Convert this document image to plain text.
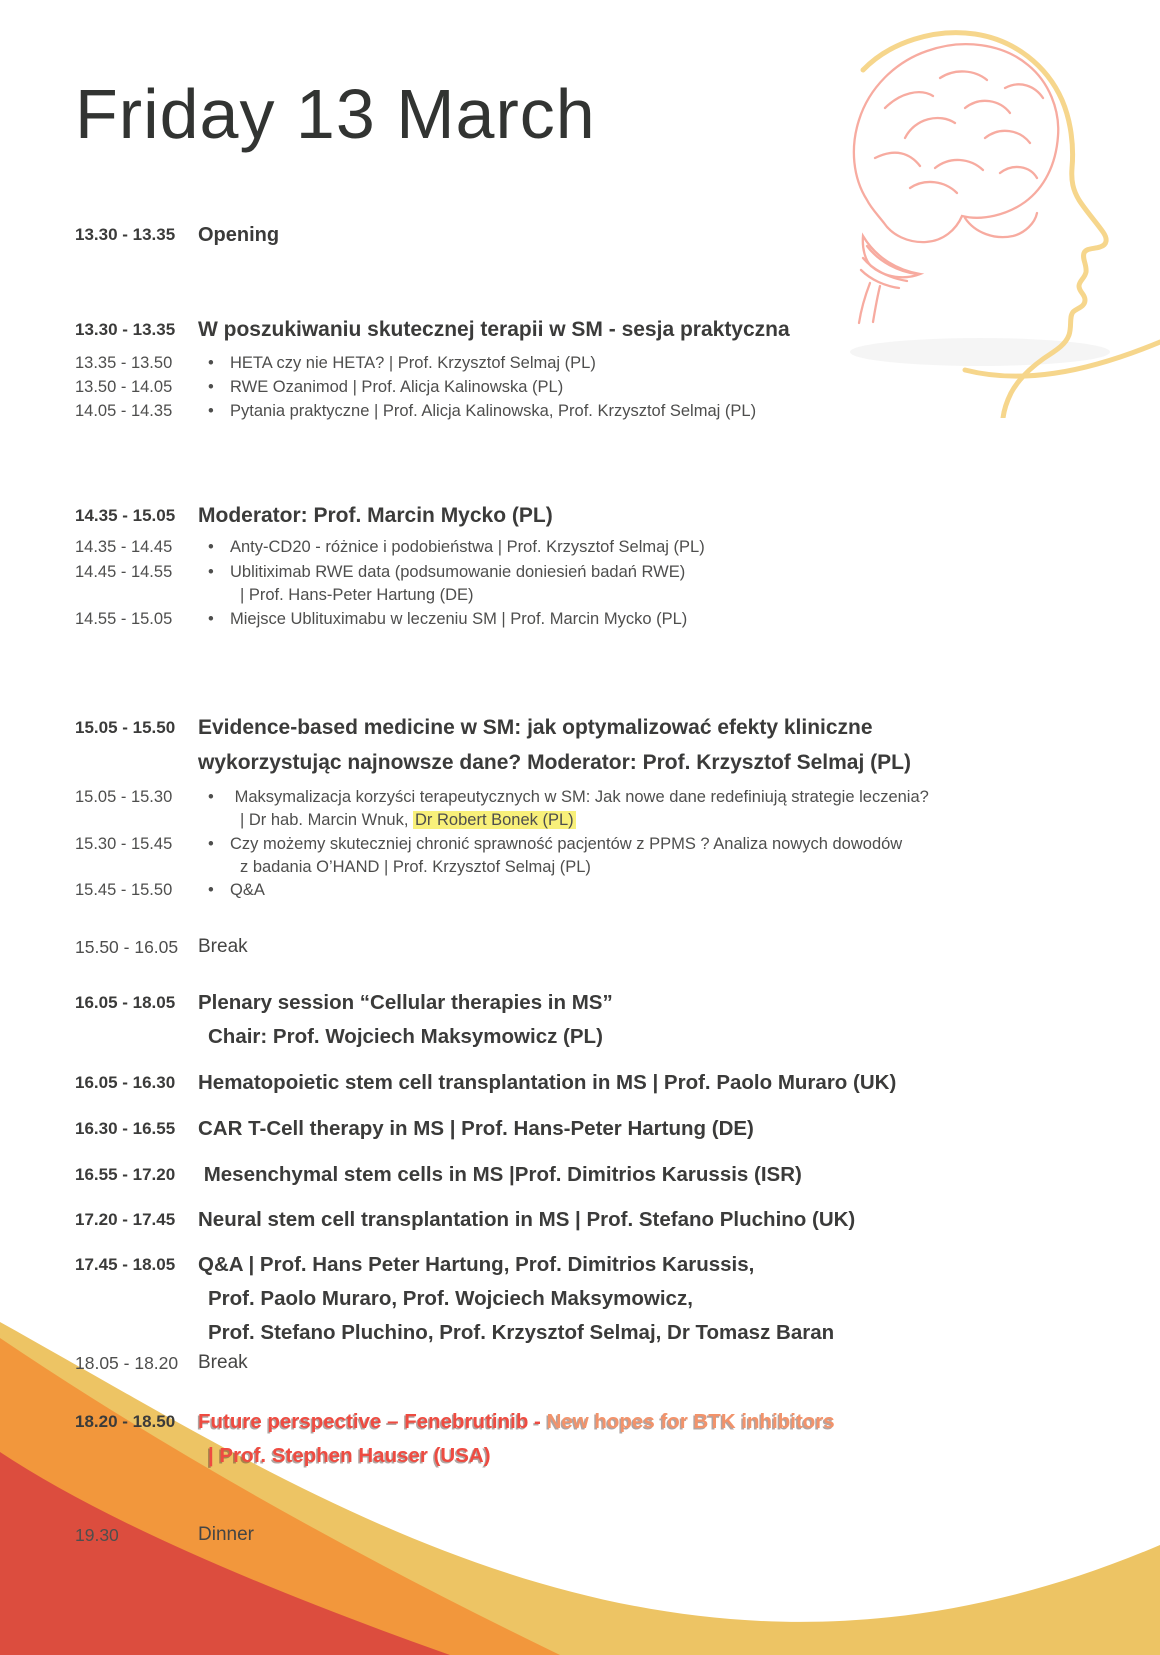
Friday 13 March
13.30 - 13.35	Opening
13.30 - 13.35	W poszukiwaniu skutecznej terapii w SM - sesja praktyczna
13.35 - 13.50	• HETA czy nie HETA? | Prof. Krzysztof Selmaj (PL)
13.50 - 14.05	• RWE Ozanimod | Prof. Alicja Kalinowska (PL)
14.05 - 14.35	• Pytania praktyczne | Prof. Alicja Kalinowska, Prof. Krzysztof Selmaj (PL)
14.35 - 15.05	Moderator: Prof. Marcin Mycko (PL)
14.35 - 14.45	• Anty-CD20 - różnice i podobieństwa | Prof. Krzysztof Selmaj (PL)
14.45 - 14.55	• Ublitiximab RWE data (podsumowanie doniesień badań RWE)
| Prof. Hans-Peter Hartung (DE)
14.55 - 15.05	• Miejsce Ublituximabu w leczeniu SM | Prof. Marcin Mycko (PL)
15.05 - 15.50	Evidence-based medicine w SM: jak optymalizować efekty kliniczne
wykorzystując najnowsze dane? Moderator: Prof. Krzysztof Selmaj (PL)
15.05 - 15.30	• Maksymalizacja korzyści terapeutycznych w SM: Jak nowe dane redefiniują strategie leczenia?
| Dr hab. Marcin Wnuk, Dr Robert Bonek (PL)
15.30 - 15.45	• Czy możemy skuteczniej chronić sprawność pacjentów z PPMS ? Analiza nowych dowodów
z badania O’HAND | Prof. Krzysztof Selmaj (PL)
15.45 - 15.50	• Q&A
15.50 - 16.05	Break
16.05 - 18.05	Plenary session “Cellular therapies in MS”
Chair: Prof. Wojciech Maksymowicz (PL)
16.05 - 16.30	Hematopoietic stem cell transplantation in MS | Prof. Paolo Muraro (UK)
16.30 - 16.55	CAR T-Cell therapy in MS | Prof. Hans-Peter Hartung (DE)
16.55 - 17.20	Mesenchymal stem cells in MS |Prof. Dimitrios Karussis (ISR)
17.20 - 17.45	Neural stem cell transplantation in MS | Prof. Stefano Pluchino (UK)
17.45 - 18.05	Q&A | Prof. Hans Peter Hartung, Prof. Dimitrios Karussis,
Prof. Paolo Muraro, Prof. Wojciech Maksymowicz,
Prof. Stefano Pluchino, Prof. Krzysztof Selmaj, Dr Tomasz Baran
18.05 - 18.20	Break
18.20 - 18.50	Future perspective – Fenebrutinib - New hopes for BTK inhibitors
| Prof. Stephen Hauser (USA)
19.30	Dinner
